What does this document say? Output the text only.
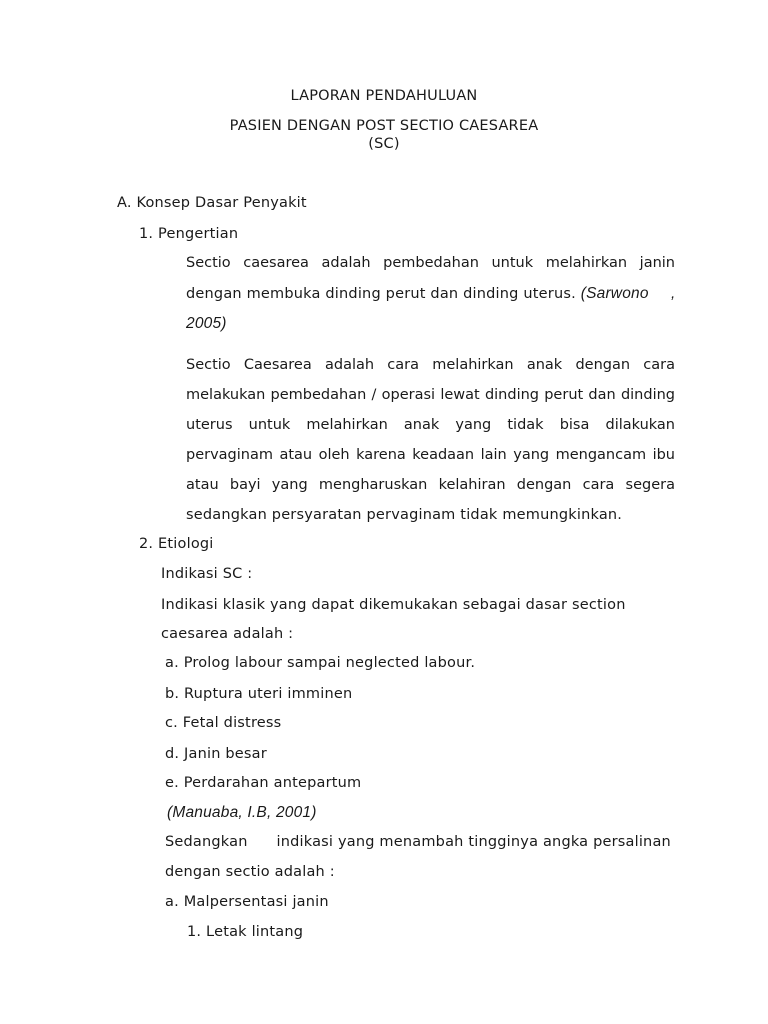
LAPORAN PENDAHULUAN
PASIEN DENGAN POST SECTIO CAESAREA
(SC)
A. Konsep Dasar Penyakit
1. Pengertian
Sectio caesarea adalah pembedahan untuk melahirkan janin
dengan membuka dinding perut dan dinding uterus. (Sarwono ,
2005)
Sectio Caesarea adalah cara melahirkan anak dengan cara
melakukan pembedahan / operasi lewat dinding perut dan dinding
uterus untuk melahirkan anak yang tidak bisa dilakukan
pervaginam atau oleh karena keadaan lain yang mengancam ibu
atau bayi yang mengharuskan kelahiran dengan cara segera
sedangkan persyaratan pervaginam tidak memungkinkan.
2. Etiologi
Indikasi SC :
Indikasi klasik yang dapat dikemukakan sebagai dasar section
caesarea adalah :
a. Prolog labour sampai neglected labour.
b. Ruptura uteri imminen
c. Fetal distress
d. Janin besar
e. Perdarahan antepartum
(Manuaba, I.B, 2001)
Sedangkan      indikasi yang menambah tingginya angka persalinan
dengan sectio adalah :
a. Malpersentasi janin
1. Letak lintang
